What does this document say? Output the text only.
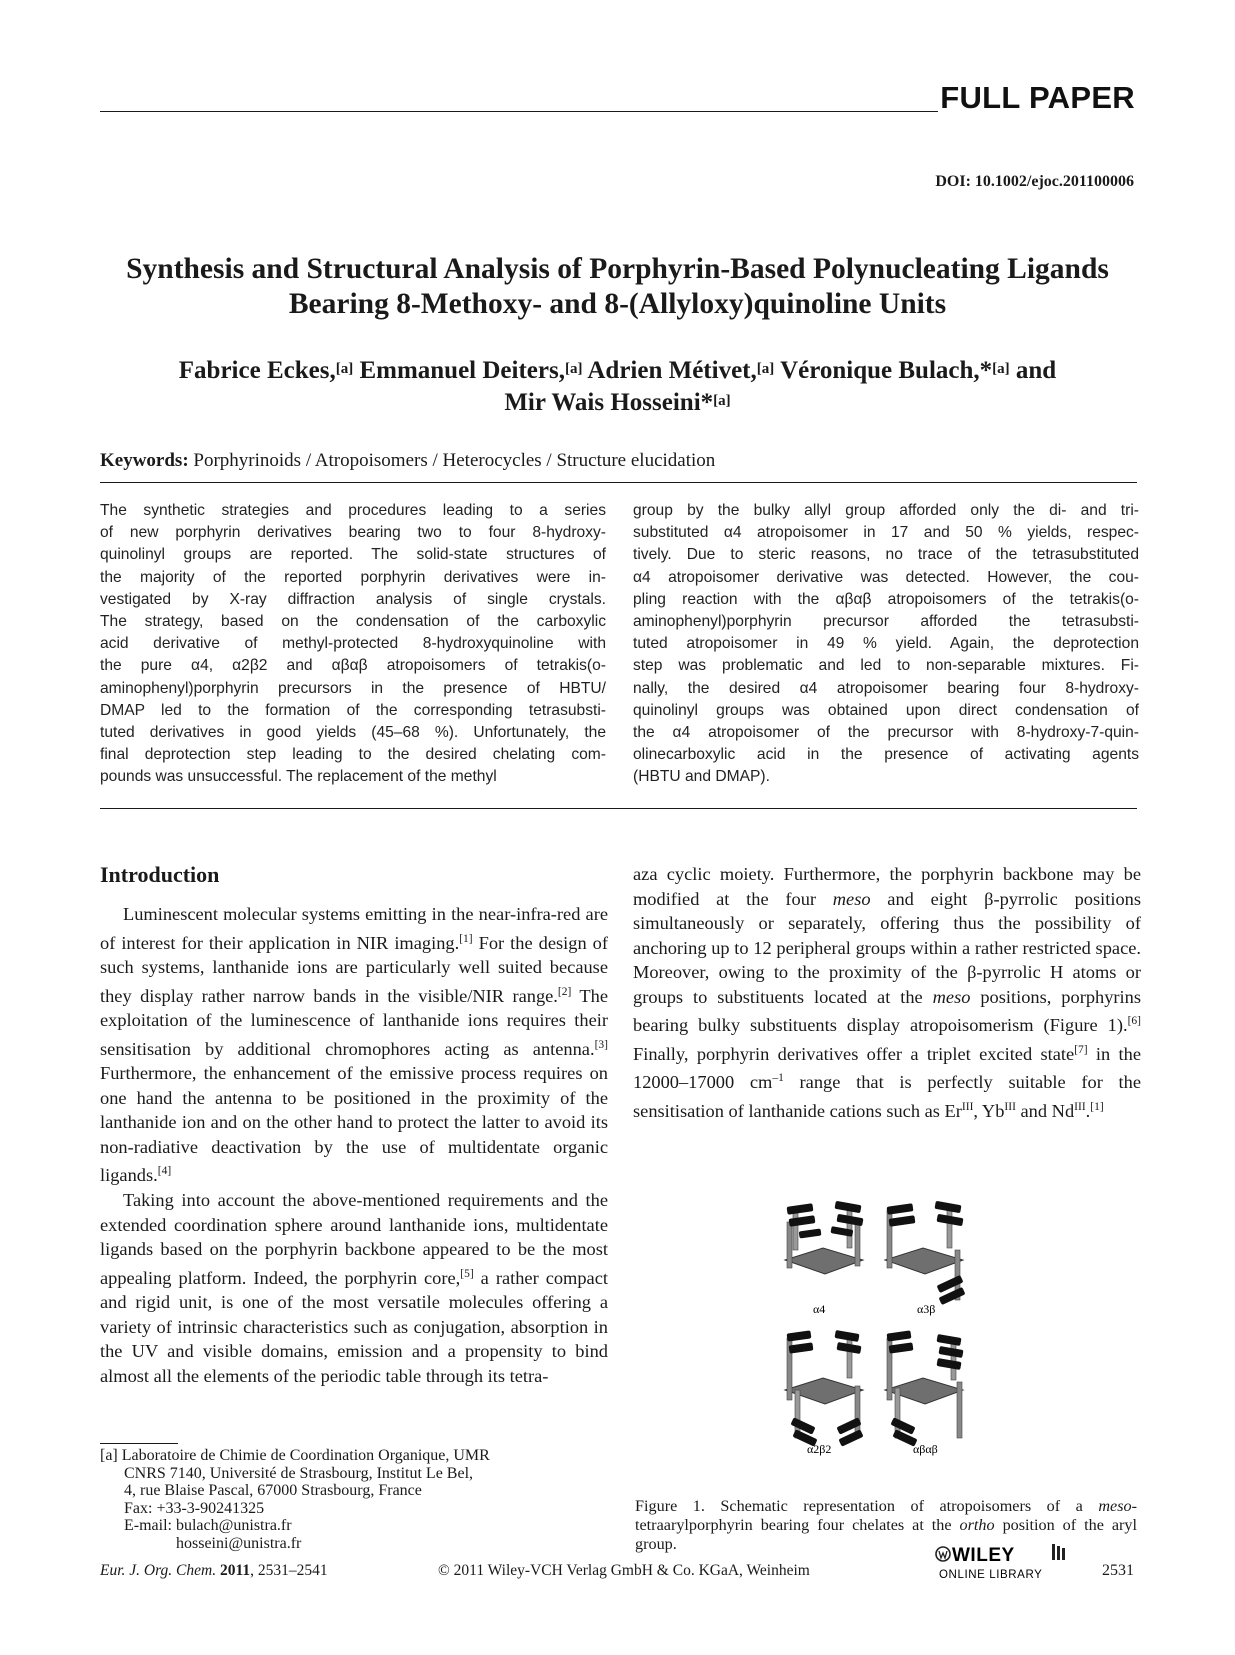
FULL PAPER
DOI: 10.1002/ejoc.201100006
Synthesis and Structural Analysis of Porphyrin-Based Polynucleating Ligands
Bearing 8-Methoxy- and 8-(Allyloxy)quinoline Units
Fabrice Eckes,[a] Emmanuel Deiters,[a] Adrien Métivet,[a] Véronique Bulach,*[a] and
Mir Wais Hosseini*[a]
Keywords: Porphyrinoids / Atropoisomers / Heterocycles / Structure elucidation
The synthetic strategies and procedures leading to a series
of new porphyrin derivatives bearing two to four 8-hydroxy-
quinolinyl groups are reported. The solid-state structures of
the majority of the reported porphyrin derivatives were in-
vestigated by X-ray diffraction analysis of single crystals.
The strategy, based on the condensation of the carboxylic
acid derivative of methyl-protected 8-hydroxyquinoline with
the pure α4, α2β2 and αβαβ atropoisomers of tetrakis(o-
aminophenyl)porphyrin precursors in the presence of HBTU/
DMAP led to the formation of the corresponding tetrasubsti-
tuted derivatives in good yields (45–68 %). Unfortunately, the
final deprotection step leading to the desired chelating com-
pounds was unsuccessful. The replacement of the methyl
group by the bulky allyl group afforded only the di- and tri-
substituted α4 atropoisomer in 17 and 50 % yields, respec-
tively. Due to steric reasons, no trace of the tetrasubstituted
α4 atropoisomer derivative was detected. However, the cou-
pling reaction with the αβαβ atropoisomers of the tetrakis(o-
aminophenyl)porphyrin precursor afforded the tetrasubsti-
tuted atropoisomer in 49 % yield. Again, the deprotection
step was problematic and led to non-separable mixtures. Fi-
nally, the desired α4 atropoisomer bearing four 8-hydroxy-
quinolinyl groups was obtained upon direct condensation of
the α4 atropoisomer of the precursor with 8-hydroxy-7-quin-
olinecarboxylic acid in the presence of activating agents
(HBTU and DMAP).
Introduction

Luminescent molecular systems emitting in the near-infra-red are of interest for their application in NIR imaging.[1] For the design of such systems, lanthanide ions are particularly well suited because they display rather narrow bands in the visible/NIR range.[2] The exploitation of the luminescence of lanthanide ions requires their sensitisation by additional chromophores acting as antenna.[3] Furthermore, the enhancement of the emissive process requires on one hand the antenna to be positioned in the proximity of the lanthanide ion and on the other hand to protect the latter to avoid its non-radiative deactivation by the use of multidentate organic ligands.[4]

Taking into account the above-mentioned requirements and the extended coordination sphere around lanthanide ions, multidentate ligands based on the porphyrin backbone appeared to be the most appealing platform. Indeed, the porphyrin core,[5] a rather compact and rigid unit, is one of the most versatile molecules offering a variety of intrinsic characteristics such as conjugation, absorption in the UV and visible domains, emission and a propensity to bind almost all the elements of the periodic table through its tetra-

aza cyclic moiety. Furthermore, the porphyrin backbone may be modified at the four meso and eight β-pyrrolic positions simultaneously or separately, offering thus the possibility of anchoring up to 12 peripheral groups within a rather restricted space. Moreover, owing to the proximity of the β-pyrrolic H atoms or groups to substituents located at the meso positions, porphyrins bearing bulky substituents display atropoisomerism (Figure 1).[6] Finally, porphyrin derivatives offer a triplet excited state[7] in the 12000–17000 $cm^{-1}$ range that is perfectly suitable for the sensitisation of lanthanide cations such as $Er^{III}$, $Yb^{III}$ and $Nd^{III}.[1]$

α4	α3β
α2β2	αβαβ
Figure 1. Schematic representation of atropoisomers of a meso-tetraarylporphyrin bearing four chelates at the ortho position of the aryl group.
[a] Laboratoire de Chimie de Coordination Organique, UMR
CNRS 7140, Université de Strasbourg, Institut Le Bel,
4, rue Blaise Pascal, 67000 Strasbourg, France
Fax: +33-3-90241325
E-mail: bulach@unistra.fr
hosseini@unistra.fr
Eur. J. Org. Chem. 2011, 2531–2541	© 2011 Wiley-VCH Verlag GmbH & Co. KGaA, Weinheim
WILEY
ONLINE LIBRARY	2531
